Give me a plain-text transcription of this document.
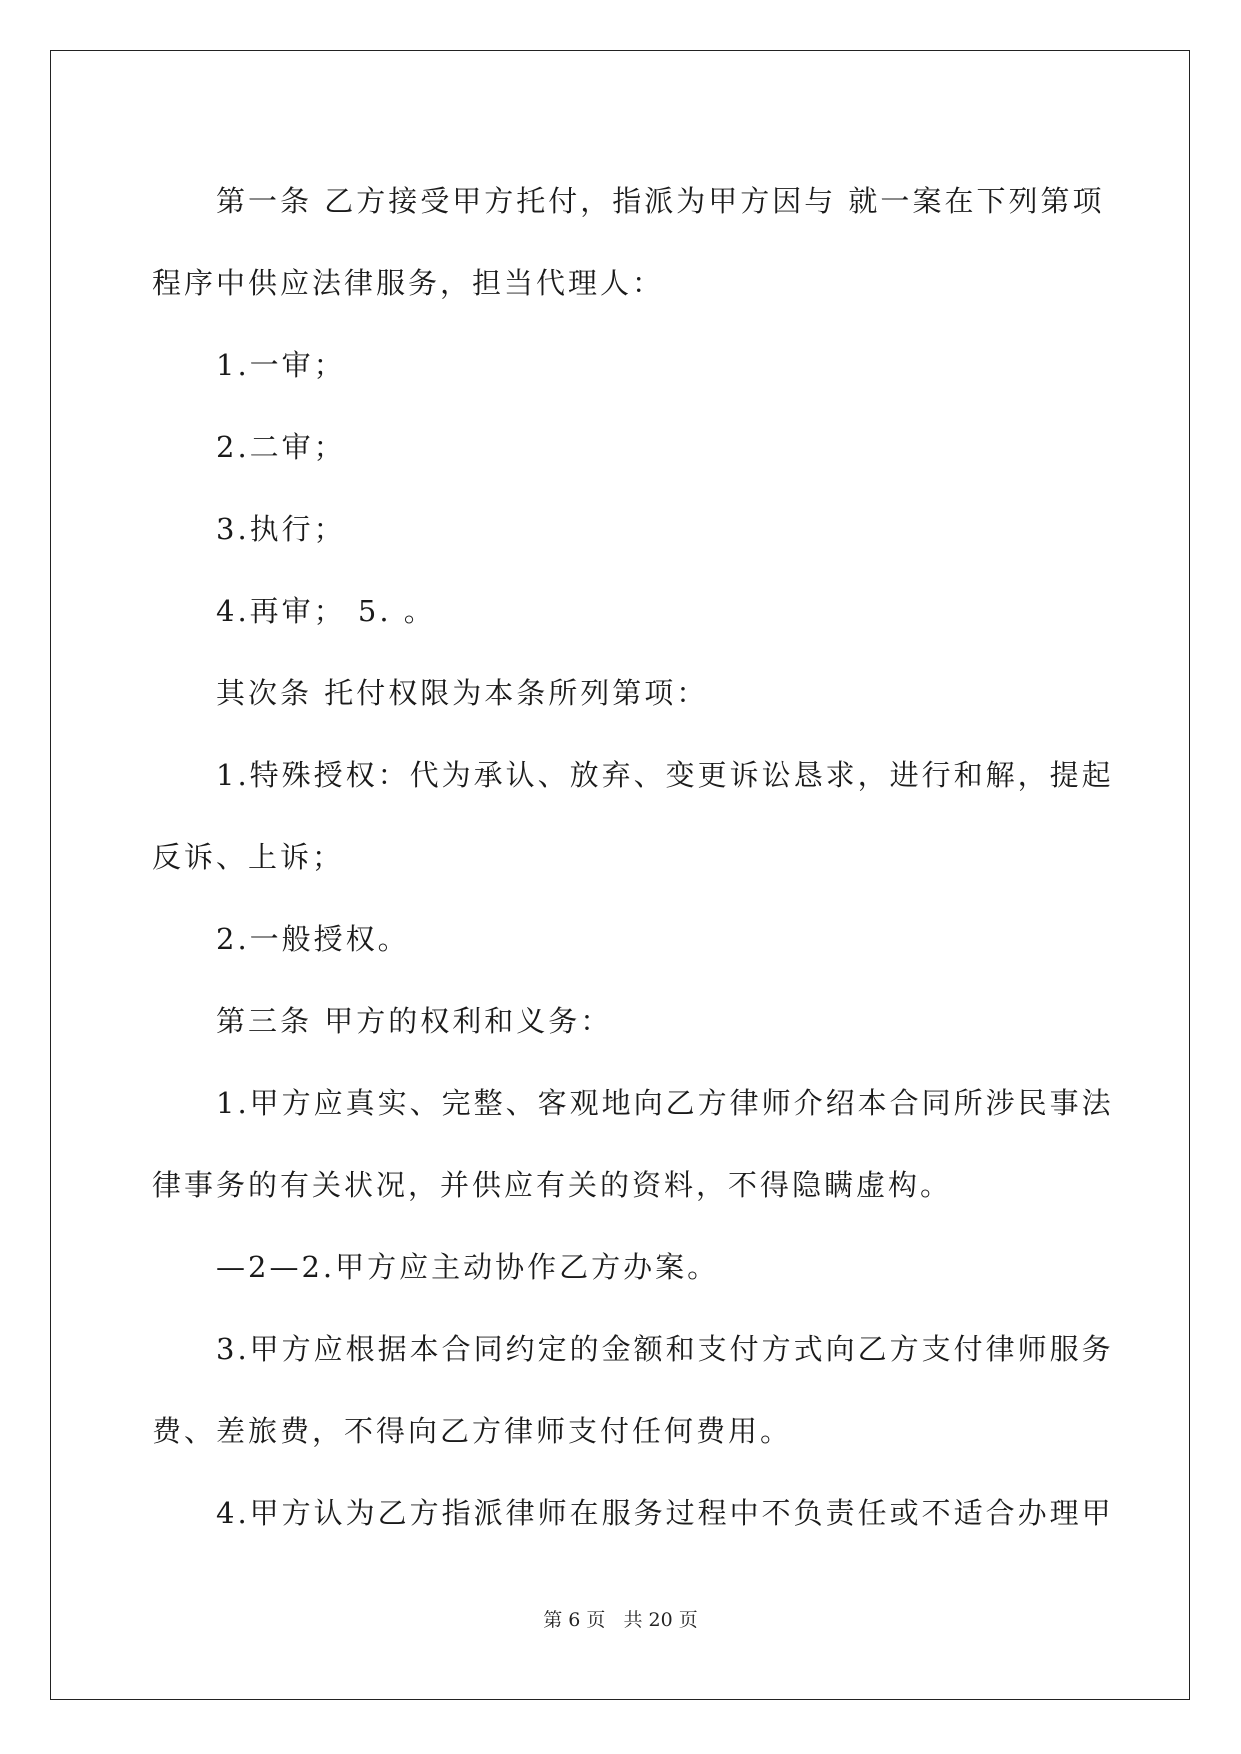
第一条 乙方接受甲方托付，指派为甲方因与 就一案在下列第项

程序中供应法律服务，担当代理人：

1.一审；

2.二审；

3.执行；

4.再审； 5. 。

其次条 托付权限为本条所列第项：

1.特殊授权：代为承认、放弃、变更诉讼恳求，进行和解，提起

反诉、上诉；

2.一般授权。

第三条 甲方的权利和义务：

1.甲方应真实、完整、客观地向乙方律师介绍本合同所涉民事法

律事务的有关状况，并供应有关的资料，不得隐瞒虚构。

—2—2.甲方应主动协作乙方办案。

3.甲方应根据本合同约定的金额和支付方式向乙方支付律师服务

费、差旅费，不得向乙方律师支付任何费用。

4.甲方认为乙方指派律师在服务过程中不负责任或不适合办理甲

第 6 页 共 20 页
